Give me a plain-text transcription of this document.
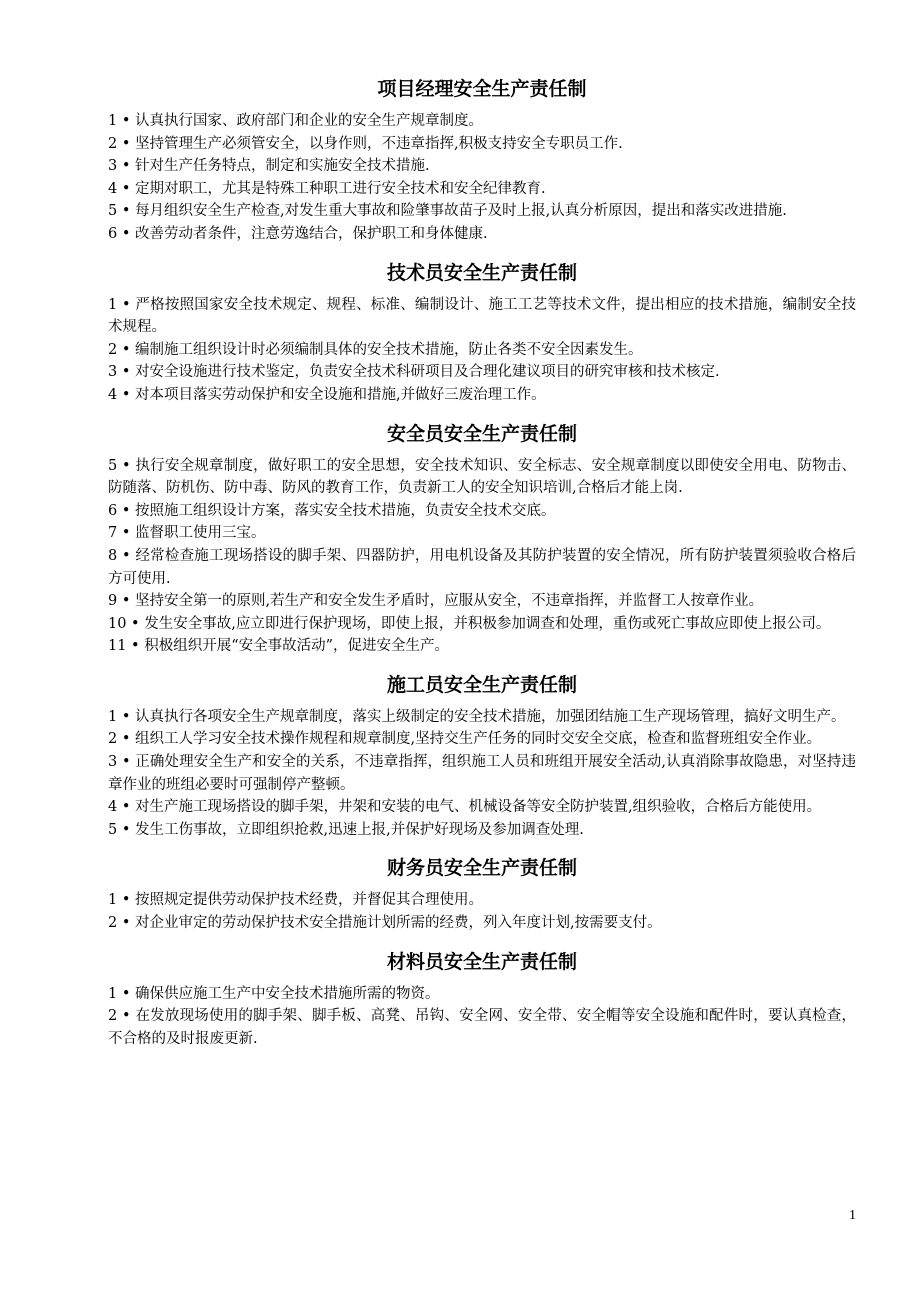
项目经理安全生产责任制

1 • 认真执行国家、政府部门和企业的安全生产规章制度。

2 • 坚持管理生产必须管安全，以身作则，不违章指挥,积极支持安全专职员工作.

3 • 针对生产任务特点，制定和实施安全技术措施.

4 • 定期对职工，尤其是特殊工种职工进行安全技术和安全纪律教育.

5 • 每月组织安全生产检查,对发生重大事故和险肇事故苗子及时上报,认真分析原因，提出和落实改进措施.

6 • 改善劳动者条件，注意劳逸结合，保护职工和身体健康.

技术员安全生产责任制

1 • 严格按照国家安全技术规定、规程、标准、编制设计、施工工艺等技术文件，提出相应的技术措施，编制安全技术规程。

2 • 编制施工组织设计时必须编制具体的安全技术措施，防止各类不安全因素发生。

3 • 对安全设施进行技术鉴定，负责安全技术科研项目及合理化建议项目的研究审核和技术核定.

4 • 对本项目落实劳动保护和安全设施和措施,并做好三废治理工作。

安全员安全生产责任制

5 • 执行安全规章制度，做好职工的安全思想，安全技术知识、安全标志、安全规章制度以即使安全用电、防物击、防随落、防机伤、防中毒、防风的教育工作，负责新工人的安全知识培训,合格后才能上岗.

6 • 按照施工组织设计方案，落实安全技术措施，负责安全技术交底。

7 • 监督职工使用三宝。

8 • 经常检查施工现场搭设的脚手架、四器防护，用电机设备及其防护装置的安全情况，所有防护装置须验收合格后方可使用.

9 • 坚持安全第一的原则,若生产和安全发生矛盾时，应服从安全，不违章指挥，并监督工人按章作业。

10 • 发生安全事故,应立即进行保护现场，即使上报，并积极参加调查和处理，重伤或死亡事故应即使上报公司。

11 • 积极组织开展“安全事故活动”，促进安全生产。

施工员安全生产责任制

1 • 认真执行各项安全生产规章制度，落实上级制定的安全技术措施，加强团结施工生产现场管理，搞好文明生产。

2 • 组织工人学习安全技术操作规程和规章制度,坚持交生产任务的同时交安全交底，检查和监督班组安全作业。

3 • 正确处理安全生产和安全的关系，不违章指挥，组织施工人员和班组开展安全活动,认真消除事故隐患，对坚持违章作业的班组必要时可强制停产整顿。

4 • 对生产施工现场搭设的脚手架，井架和安装的电气、机械设备等安全防护装置,组织验收，合格后方能使用。

5 • 发生工伤事故，立即组织抢救,迅速上报,并保护好现场及参加调查处理.

财务员安全生产责任制

1 • 按照规定提供劳动保护技术经费，并督促其合理使用。

2 • 对企业审定的劳动保护技术安全措施计划所需的经费，列入年度计划,按需要支付。

材料员安全生产责任制

1 • 确保供应施工生产中安全技术措施所需的物资。

2 • 在发放现场使用的脚手架、脚手板、高凳、吊钩、安全网、安全带、安全帽等安全设施和配件时，要认真检查，不合格的及时报废更新.

1
